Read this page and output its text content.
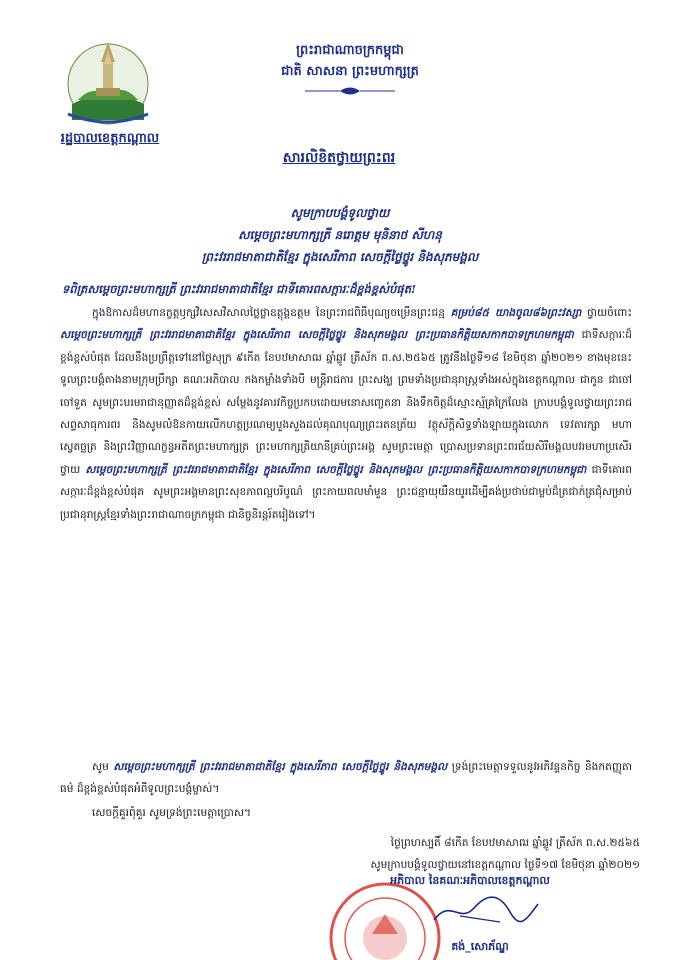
រដ្ឋបាលខេត្តកណ្តាល
ព្រះរាជាណាចក្រកម្ពុជា
ជាតិ សាសនា ព្រះមហាក្សត្រ
សារលិខិតថ្វាយព្រះពរ
សូមក្រាបបង្គំទូលថ្វាយ
សម្តេចព្រះមហាក្សត្រី នរោត្តម មុនិនាថ សីហនុ
ព្រះវររាជមាតាជាតិខ្មែរ ក្នុងសេរីភាព សេចក្តីថ្លៃថ្នូរ និងសុភមង្គល
ទពិត្រសម្តេចព្រះមហាក្សត្រី ព្រះវររាជមាតាជាតិខ្មែរ ជាទីគោរពសក្ការៈដ៏ខ្ពង់ខ្ពស់បំផុត!
ក្នុងឱកាសដ៏មហានក្ខត្តឫក្សវិសេសវិសាលថ្លៃថ្លាឧត្តុង្គឧត្តម នៃព្រះរាជពិធីបុណ្យចម្រើនព្រះជន្ម គម្រប់៨៥ យាងចូល៨៦ព្រះវស្សា ថ្វាយចំពោះ សម្តេចព្រះមហាក្សត្រី ព្រះវររាជមាតាជាតិខ្មែរ ក្នុងសេរីភាព សេចក្តីថ្លៃថ្នូរ និងសុភមង្គល ព្រះប្រធានកិត្តិយសកាកបាទក្រហមកម្ពុជា ជាទីសក្ការៈដ៏ខ្ពង់ខ្ពស់បំផុត ដែលនឹងប្រព្រឹត្តទៅនៅថ្ងៃសុក្រ ៩កើត ខែបឋមាសាឍ ឆ្នាំឆ្លូវ ត្រីស័ក ព.ស.២៥៦៥ ត្រូវនឹងថ្ងៃទី១៨ ខែមិថុនា ឆ្នាំ២០២១ ខាងមុខនេះ ទូលព្រះបង្គំតាងនាមក្រុមប្រឹក្សា គណៈអភិបាល កងកម្លាំងទាំងបី មន្ត្រីរាជការ ព្រះសង្ឃ ព្រមទាំងប្រជានុរាស្រ្តទាំងអស់ក្នុងខេត្តកណ្តាល ជាកូន ជាចៅ ចៅទួត សូមព្រះបរមរាជានុញ្ញាតដ៏ខ្ពង់ខ្ពស់ សម្តែងនូវគារវកិច្ចប្រកបដោយមនោសញ្ចេតនា និងទឹកចិត្តដ៏ស្មោះស្ម័គ្រក្រៃលែង ក្រាបបង្គំទូលថ្វាយព្រះរាជសព្ទសាធុការពរ និងសូមលំឱនកាយលើកហត្ថប្រណម្យបួងសួងដល់គុណបុណ្យព្រះរតនត្រ័យ វត្ថុស័ក្តិសិទ្ធទាំងឡាយក្នុងលោក ទេវតារក្សា មហាស្វេតច្ឆត្រ និងព្រះវិញ្ញាណក្ខន្ធអតីតព្រះមហាក្សត្រ ព្រះមហាក្សត្រិយានីគ្រប់ព្រះអង្គ សូមព្រះមេត្តា ប្រោសប្រទានព្រះពរជ័យសិរីមង្គលបវរមហាប្រសើរថ្វាយ សម្តេចព្រះមហាក្សត្រី ព្រះវររាជមាតាជាតិខ្មែរ ក្នុងសេរីភាព សេចក្តីថ្លៃថ្នូរ និងសុភមង្គល ព្រះប្រធានកិត្តិយសកាកបាទក្រហមកម្ពុជា ជាទីគោរពសក្ការៈដ៏ខ្ពង់ខ្ពស់បំផុត សូមព្រះអង្គមានព្រះសុខភាពល្អបរិបូណ៌ ព្រះកាយពលមាំមួន ព្រះជន្មាយុយឺនយូរដើម្បីគង់ប្រថាប់ជាម្លប់ដ៏ត្រជាក់ត្រជុំសម្រាប់ប្រជានុរាស្ត្រខ្មែរទាំងព្រះរាជាណាចក្រកម្ពុជា ជានិច្ចនិរន្តរ៍តរៀងទៅ។
សូម សម្តេចព្រះមហាក្សត្រី ព្រះវររាជមាតាជាតិខ្មែរ ក្នុងសេរីភាព សេចក្តីថ្លៃថ្នូរ និងសុភមង្គល ទ្រង់ព្រះមេត្តាទទួលនូវអភិវន្ទនកិច្ច និងកតញ្ញុតាធម៌ ដ៏ខ្ពង់ខ្ពស់បំផុតអំពីទូលព្រះបង្គំម្ចាស់។
សេចក្តីគួរពុំគួរ សូមទ្រង់ព្រះមេត្តាប្រោស។
ថ្ងៃព្រហស្បតិ៍ ៨កើត ខែបឋមាសាឍ ឆ្នាំឆ្លូវ ត្រីស័ក ព.ស.២៥៦៥
សូមក្រាបបង្គំទូលថ្វាយនៅខេត្តកណ្តាល ថ្ងៃទី១៧ ខែមិថុនា ឆ្នាំ២០២១
អភិបាល នៃគណៈអភិបាលខេត្តកណ្តាល
គង់_សោភ័ណ្ឌ
